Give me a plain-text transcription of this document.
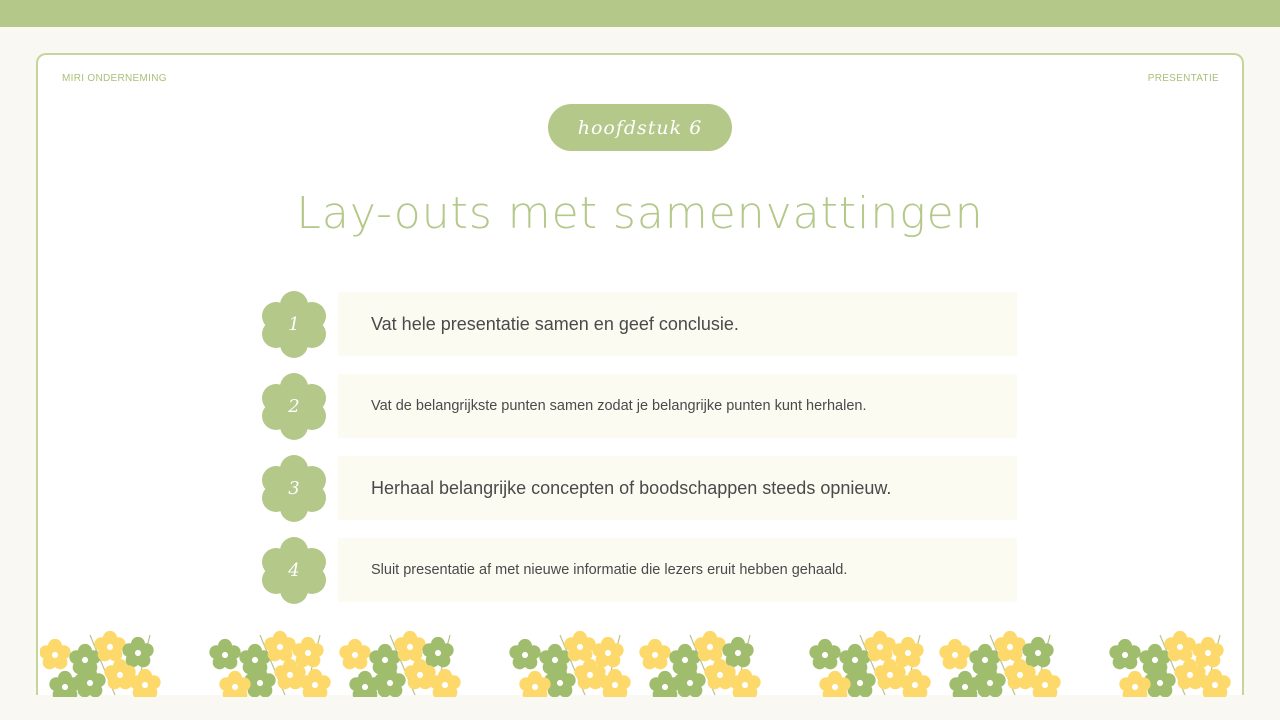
MIRI ONDERNEMING	PRESENTATIE
hoofdstuk 6
Lay-outs met samenvattingen
1	Vat hele presentatie samen en geef conclusie.
2	Vat de belangrijkste punten samen zodat je belangrijke punten kunt herhalen.
3	Herhaal belangrijke concepten of boodschappen steeds opnieuw.
4	Sluit presentatie af met nieuwe informatie die lezers eruit hebben gehaald.
